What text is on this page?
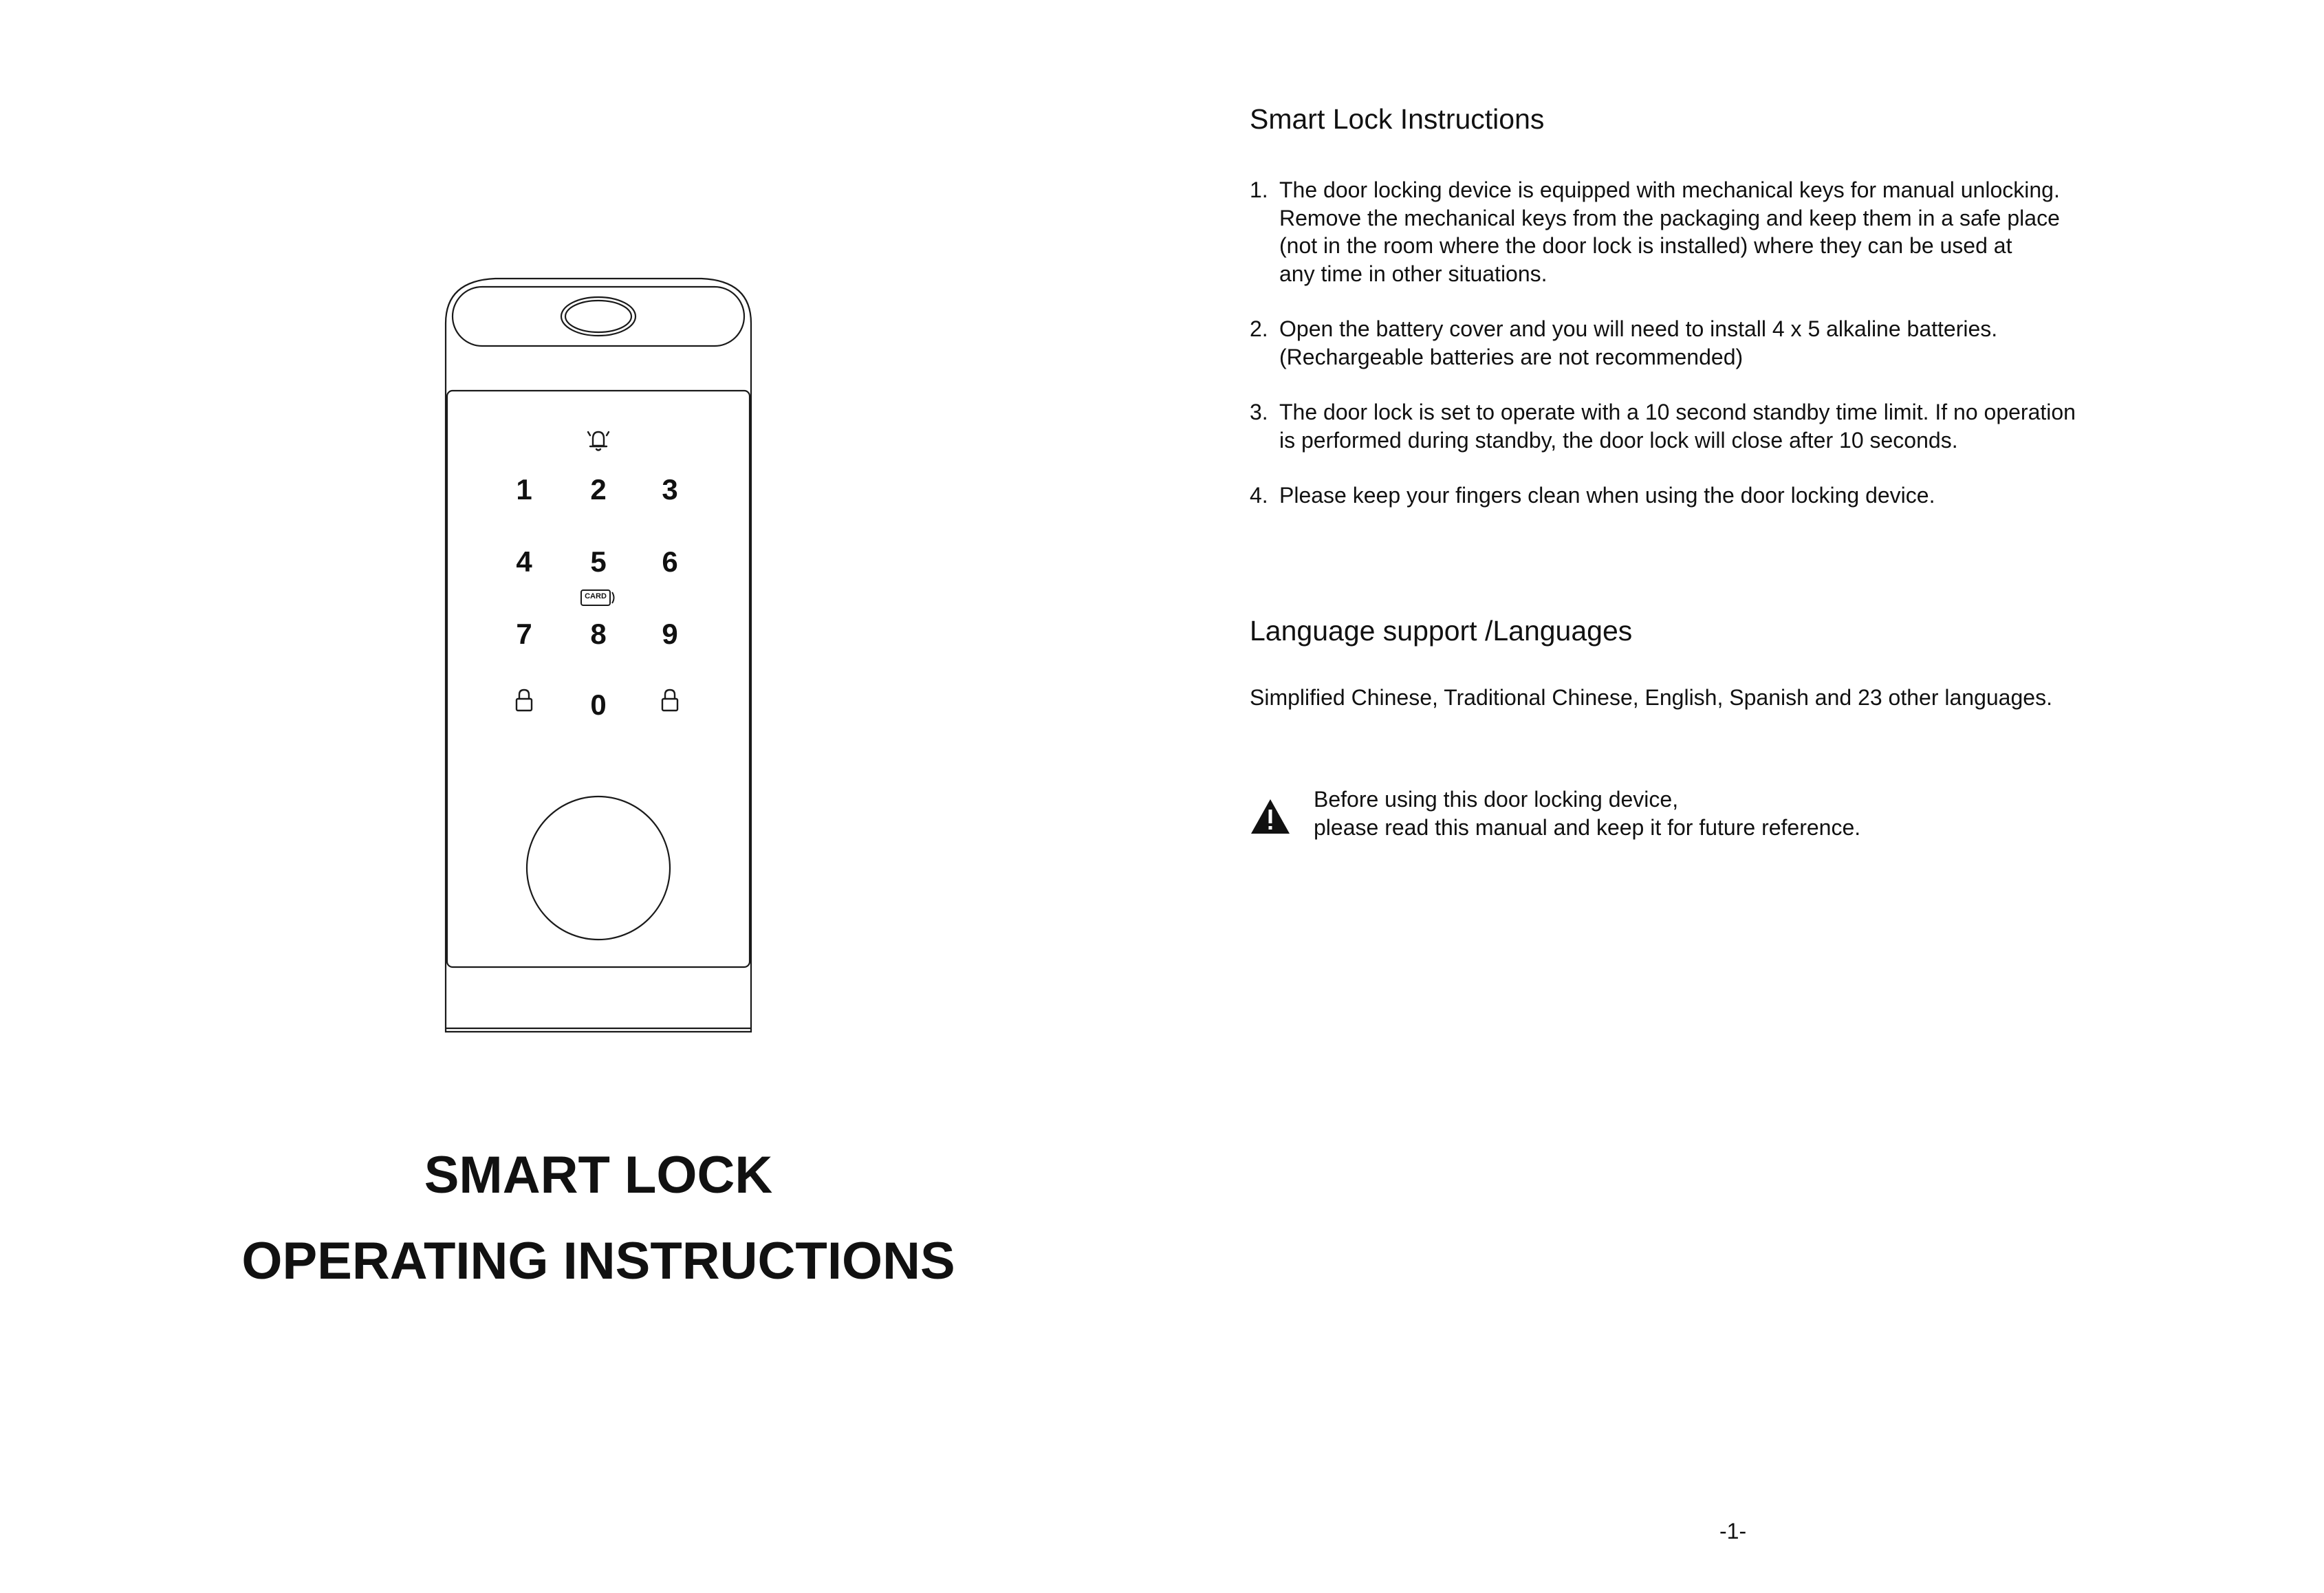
1 2 3
4 5 6
CARD
7 8 9
0
SMART LOCK
OPERATING INSTRUCTIONS
Smart Lock Instructions
1. The door locking device is equipped with mechanical keys for manual unlocking.
Remove the mechanical keys from the packaging and keep them in a safe place
(not in the room where the door lock is installed) where they can be used at
any time in other situations.
2. Open the battery cover and you will need to install 4 x 5 alkaline batteries.
(Rechargeable batteries are not recommended)
3. The door lock is set to operate with a 10 second standby time limit. If no operation
is performed during standby, the door lock will close after 10 seconds.
4. Please keep your fingers clean when using the door locking device.
Language support /Languages
Simplified Chinese, Traditional Chinese, English, Spanish and 23 other languages.
Before using this door locking device,
please read this manual and keep it for future reference.
-1-
